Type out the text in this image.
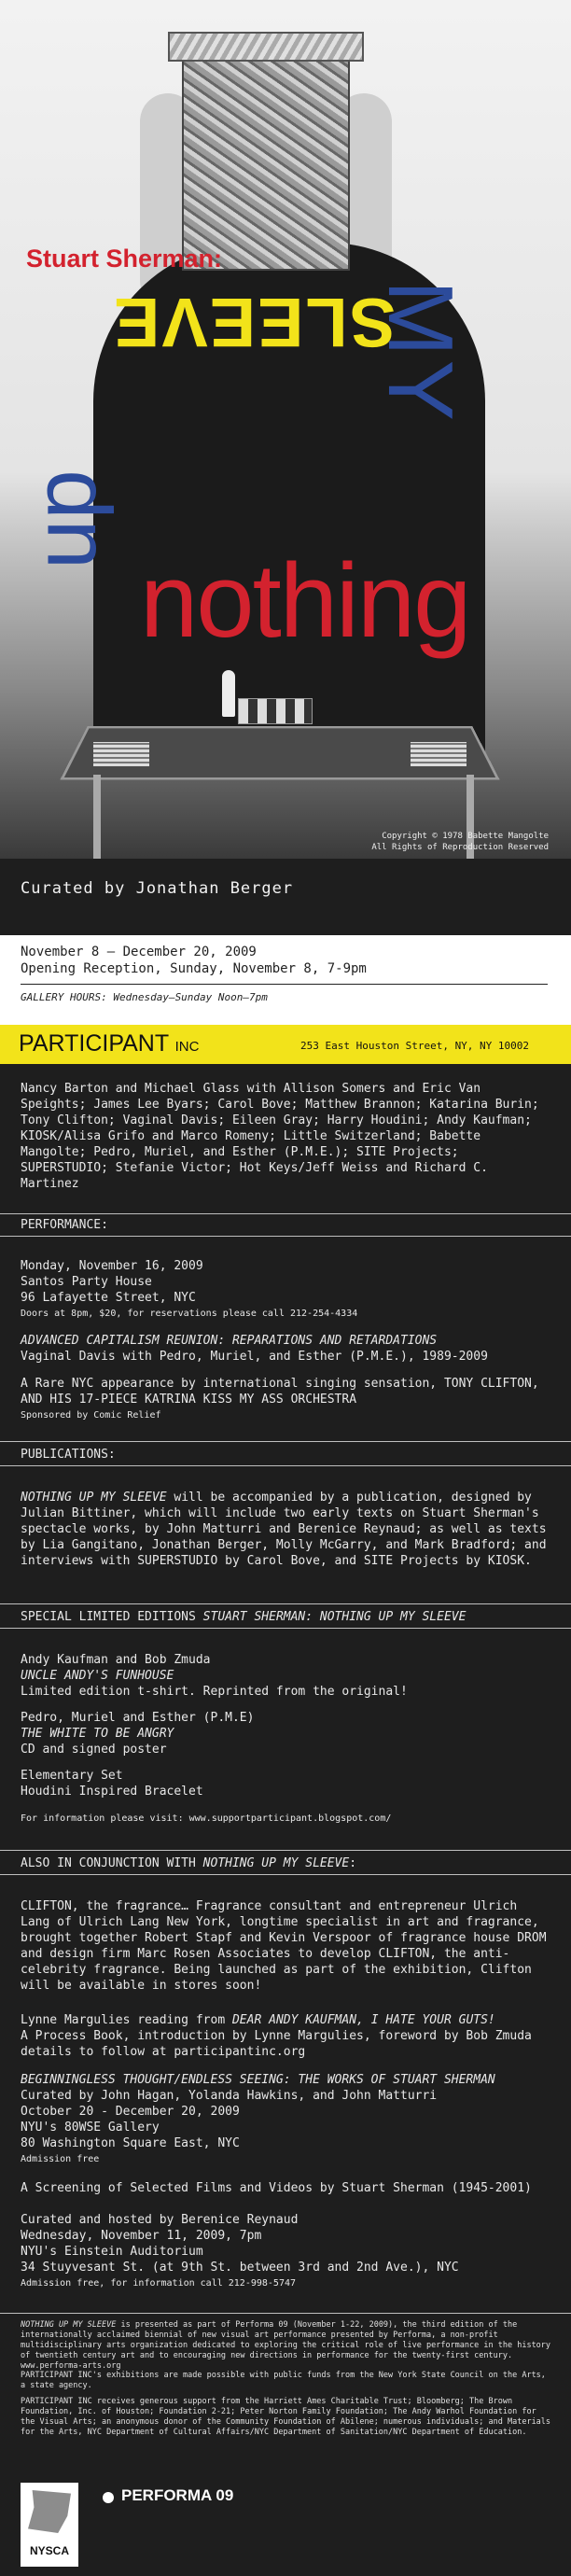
Stuart Sherman:
SLEEVE
MY
up
nothing
Copyright © 1978 Babette Mangolte
All Rights of Reproduction Reserved
Curated by Jonathan Berger
November 8 – December 20, 2009
Opening Reception, Sunday, November 8, 7-9pm
GALLERY HOURS: Wednesday–Sunday Noon–7pm
PARTICIPANT INC	253 East Houston Street, NY, NY 10002
Nancy Barton and Michael Glass with Allison Somers and Eric Van Speights; James Lee Byars; Carol Bove; Matthew Brannon; Katarina Burin; Tony Clifton; Vaginal Davis; Eileen Gray; Harry Houdini; Andy Kaufman; KIOSK/Alisa Grifo and Marco Romeny; Little Switzerland; Babette Mangolte; Pedro, Muriel, and Esther (P.M.E.); SITE Projects; SUPERSTUDIO; Stefanie Victor; Hot Keys/Jeff Weiss and Richard C. Martinez
PERFORMANCE:
Monday, November 16, 2009
Santos Party House
96 Lafayette Street, NYC
Doors at 8pm, $20, for reservations please call 212-254-4334
ADVANCED CAPITALISM REUNION: REPARATIONS AND RETARDATIONS
Vaginal Davis with Pedro, Muriel, and Esther (P.M.E.), 1989-2009
A Rare NYC appearance by international singing sensation, TONY CLIFTON, AND HIS 17-PIECE KATRINA KISS MY ASS ORCHESTRA
Sponsored by Comic Relief
PUBLICATIONS:
NOTHING UP MY SLEEVE will be accompanied by a publication, designed by Julian Bittiner, which will include two early texts on Stuart Sherman's spectacle works, by John Matturri and Berenice Reynaud; as well as texts by Lia Gangitano, Jonathan Berger, Molly McGarry, and Mark Bradford; and interviews with SUPERSTUDIO by Carol Bove, and SITE Projects by KIOSK.
SPECIAL LIMITED EDITIONS STUART SHERMAN: NOTHING UP MY SLEEVE
Andy Kaufman and Bob Zmuda
UNCLE ANDY'S FUNHOUSE
Limited edition t-shirt. Reprinted from the original!
Pedro, Muriel and Esther (P.M.E)
THE WHITE TO BE ANGRY
CD and signed poster
Elementary Set
Houdini Inspired Bracelet
For information please visit: www.supportparticipant.blogspot.com/
ALSO IN CONJUNCTION WITH NOTHING UP MY SLEEVE:
CLIFTON, the fragrance… Fragrance consultant and entrepreneur Ulrich Lang of Ulrich Lang New York, longtime specialist in art and fragrance, brought together Robert Stapf and Kevin Verspoor of fragrance house DROM and design firm Marc Rosen Associates to develop CLIFTON, the anti-celebrity fragrance. Being launched as part of the exhibition, Clifton will be available in stores soon!
Lynne Margulies reading from DEAR ANDY KAUFMAN, I HATE YOUR GUTS!
A Process Book, introduction by Lynne Margulies, foreword by Bob Zmuda details to follow at participantinc.org
BEGINNINGLESS THOUGHT/ENDLESS SEEING: THE WORKS OF STUART SHERMAN
Curated by John Hagan, Yolanda Hawkins, and John Matturri
October 20 - December 20, 2009
NYU's 80WSE Gallery
80 Washington Square East, NYC
Admission free
A Screening of Selected Films and Videos by Stuart Sherman (1945-2001)
Curated and hosted by Berenice Reynaud
Wednesday, November 11, 2009, 7pm
NYU's Einstein Auditorium
34 Stuyvesant St. (at 9th St. between 3rd and 2nd Ave.), NYC
Admission free, for information call 212-998-5747
NOTHING UP MY SLEEVE is presented as part of Performa 09 (November 1-22, 2009), the third edition of the internationally acclaimed biennial of new visual art performance presented by Performa, a non-profit multidisciplinary arts organization dedicated to exploring the critical role of live performance in the history of twentieth century art and to encouraging new directions in performance for the twenty-first century. www.performa-arts.org
PARTICIPANT INC's exhibitions are made possible with public funds from the New York State Council on the Arts, a state agency.
PARTICIPANT INC receives generous support from the Harriett Ames Charitable Trust; Bloomberg; The Brown Foundation, Inc. of Houston; Foundation 2-21; Peter Norton Family Foundation; The Andy Warhol Foundation for the Visual Arts; an anonymous donor of the Community Foundation of Abilene; numerous individuals; and Materials for the Arts, NYC Department of Cultural Affairs/NYC Department of Sanitation/NYC Department of Education.
NYSCA
PERFORMA 09
